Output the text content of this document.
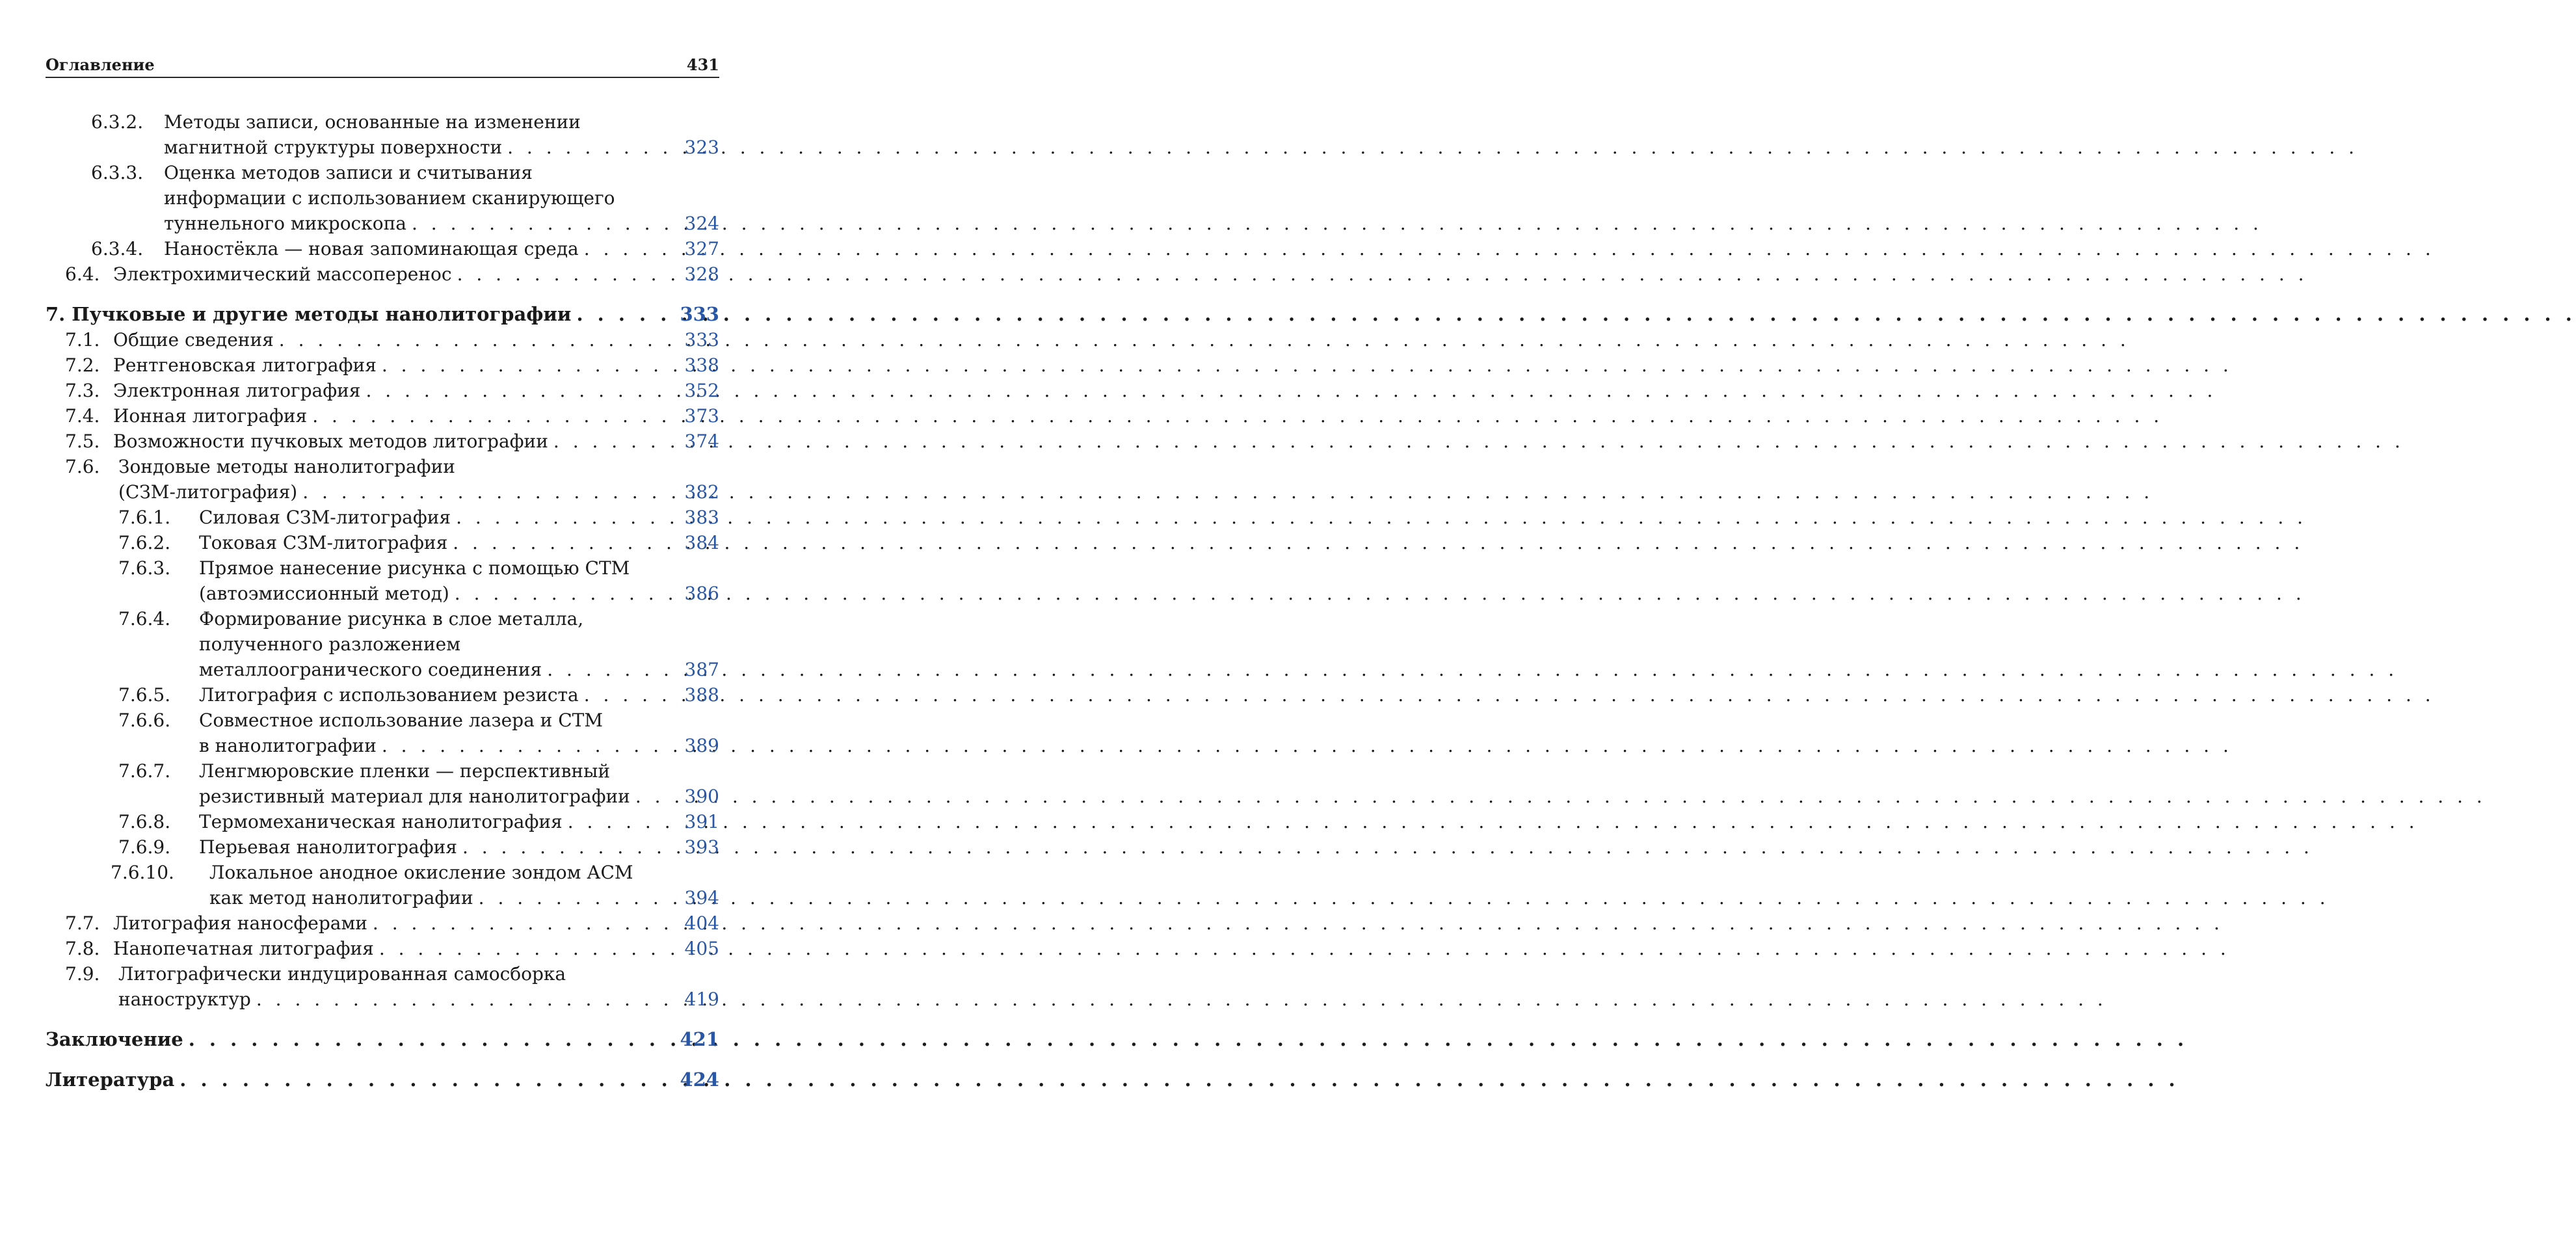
Оглавление	431
6.3.2.	Методы записи, основанные на изменении
магнитной структуры поверхности . . .	323
6.3.3.	Оценка методов записи и считывания
информации с использованием сканирующего
туннельного микроскопа . . .	324
6.3.4.	Наностёкла — новая запоминающая среда . . .	327
6.4. Электрохимический массоперенос . . .	328
7. Пучковые и другие методы нанолитографии . . .	333
7.1. Общие сведения . . .	333
7.2. Рентгеновская литография . . .	338
7.3. Электронная литография . . .	352
7.4. Ионная литография . . .	373
7.5. Возможности пучковых методов литографии . . .	374
7.6.	Зондовые методы нанолитографии
(СЗМ-литография) . . .	382
7.6.1.	Силовая СЗМ-литография . . .	383
7.6.2.	Токовая СЗМ-литография . . .	384
7.6.3.	Прямое нанесение рисунка с помощью СТМ
(автоэмиссионный метод) . . .	386
7.6.4.	Формирование рисунка в слое металла,
полученного разложением
металлоогранического соединения . . .	387
7.6.5.	Литография с использованием резиста . . .	388
7.6.6.	Совместное использование лазера и СТМ
в нанолитографии . . .	389
7.6.7.	Ленгмюровские пленки — перспективный
резистивный материал для нанолитографии . . .	390
7.6.8.	Термомеханическая нанолитография . . .	391
7.6.9.	Перьевая нанолитография . . .	393
7.6.10.	Локальное анодное окисление зондом АСМ
как метод нанолитографии . . .	394
7.7. Литография наносферами . . .	404
7.8. Нанопечатная литография . . .	405
7.9.	Литографически индуцированная самосборка
наноструктур . . .	419
Заключение . . .	421
Литература . . .	424
